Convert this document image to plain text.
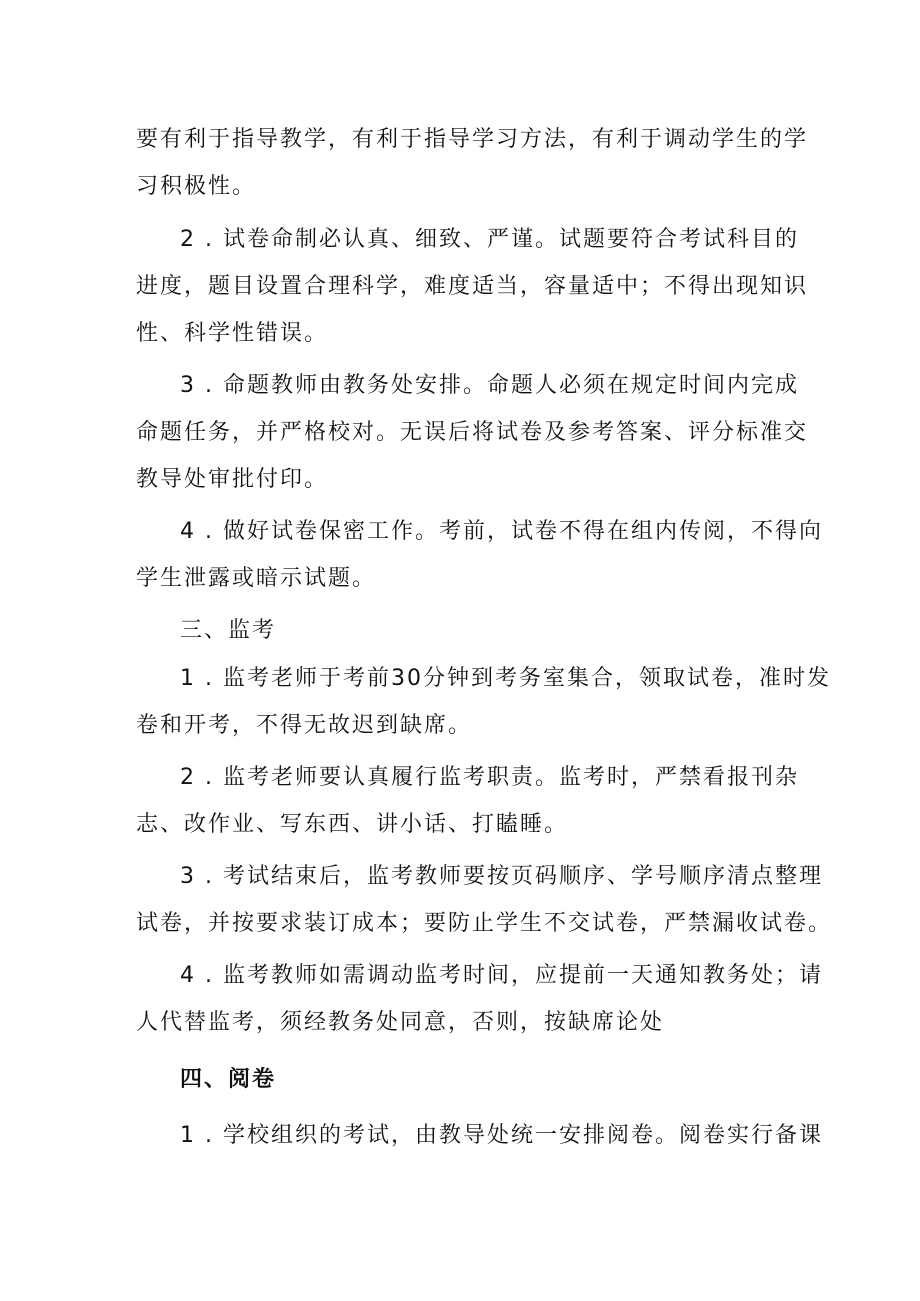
要有利于指导教学，有利于指导学习方法，有利于调动学生的学
习积极性。
2 . 试卷命制必认真、细致、严谨。试题要符合考试科目的
进度，题目设置合理科学，难度适当，容量适中；不得出现知识
性、科学性错误。
3 . 命题教师由教务处安排。命题人必须在规定时间内完成
命题任务，并严格校对。无误后将试卷及参考答案、评分标准交
教导处审批付印。
4 . 做好试卷保密工作。考前，试卷不得在组内传阅，不得向
学生泄露或暗示试题。
三、监考
1 . 监考老师于考前30分钟到考务室集合，领取试卷，准时发
卷和开考，不得无故迟到缺席。
2 . 监考老师要认真履行监考职责。监考时，严禁看报刊杂
志、改作业、写东西、讲小话、打瞌睡。
3 . 考试结束后，监考教师要按页码顺序、学号顺序清点整理
试卷，并按要求装订成本；要防止学生不交试卷，严禁漏收试卷。
4 . 监考教师如需调动监考时间，应提前一天通知教务处；请
人代替监考，须经教务处同意，否则，按缺席论处
四、阅卷
1 . 学校组织的考试，由教导处统一安排阅卷。阅卷实行备课
